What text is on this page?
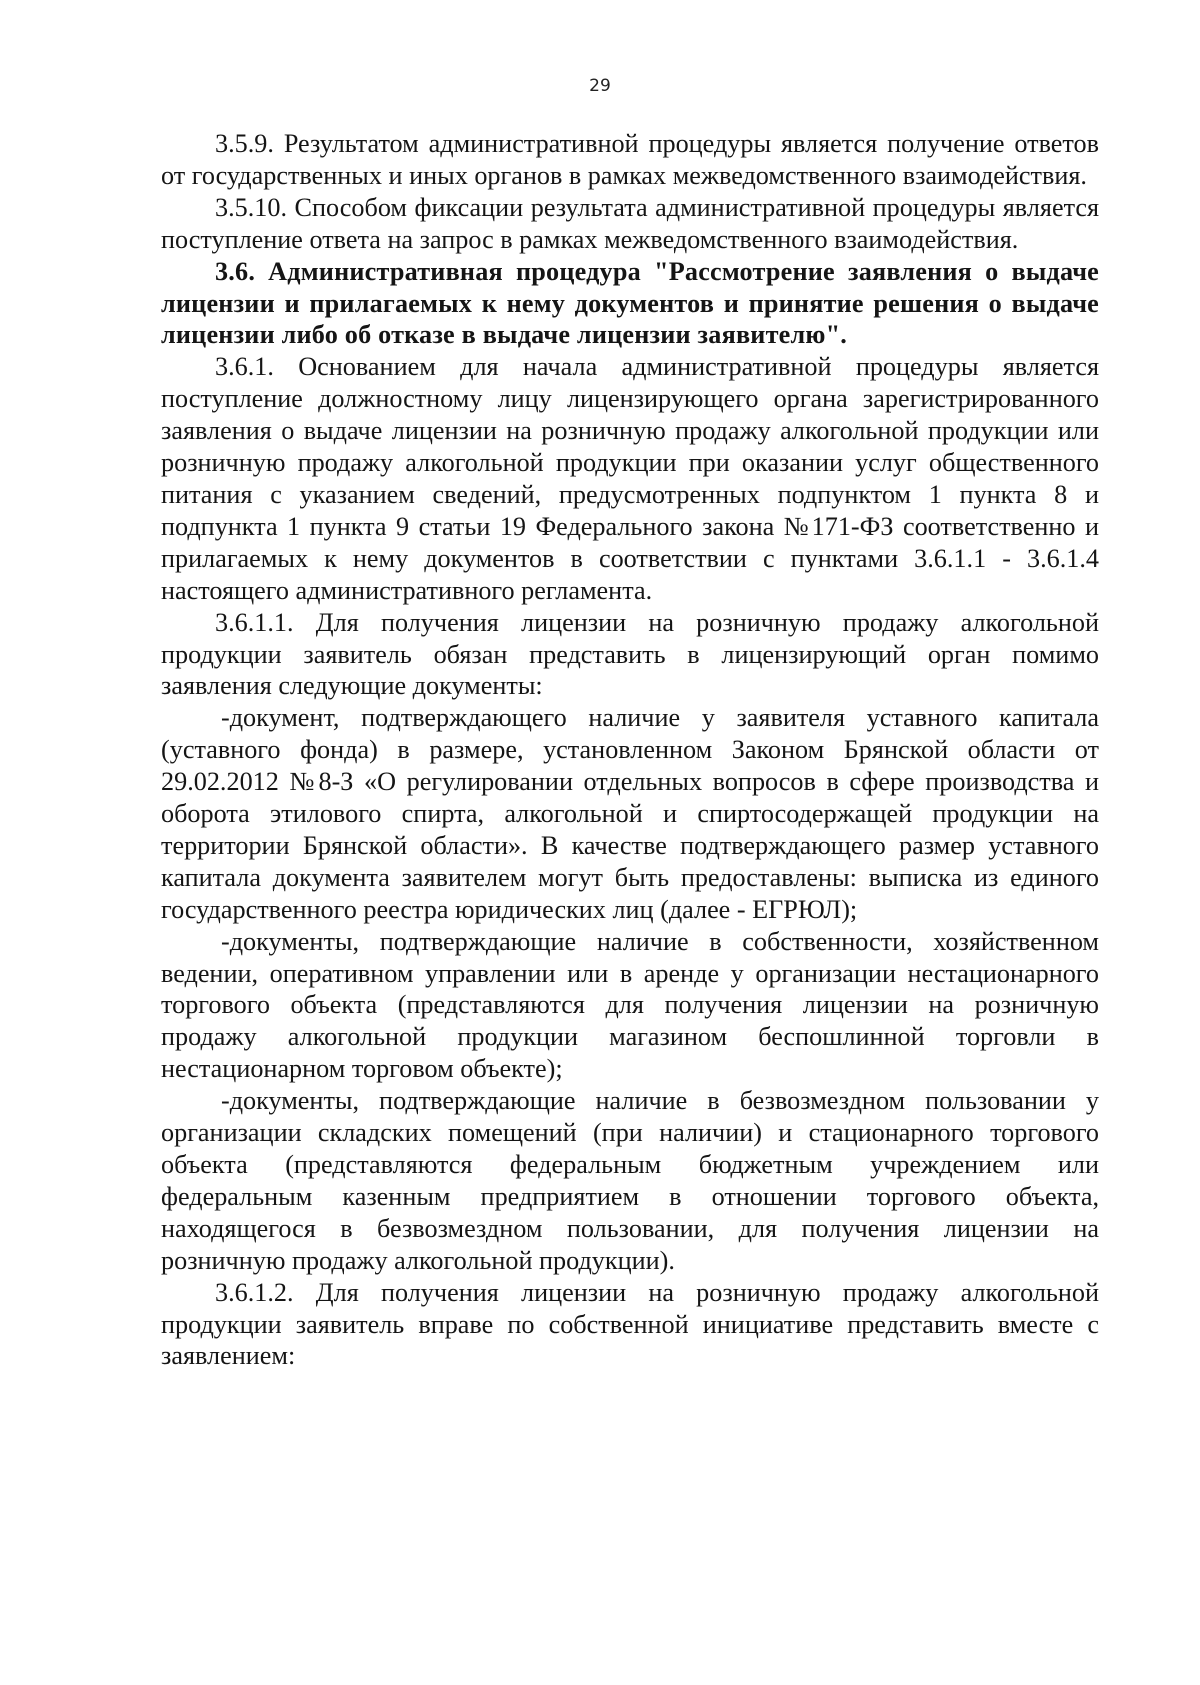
29

3.5.9. Результатом административной процедуры является получение ответов от государственных и иных органов в рамках межведомственного взаимодействия.

3.5.10. Способом фиксации результата административной процедуры является поступление ответа на запрос в рамках межведомственного взаимодействия.

3.6. Административная процедура "Рассмотрение заявления о выдаче лицензии и прилагаемых к нему документов и принятие решения о выдаче лицензии либо об отказе в выдаче лицензии заявителю".

3.6.1. Основанием для начала административной процедуры является поступление должностному лицу лицензирующего органа зарегистрированного заявления о выдаче лицензии на розничную продажу алкогольной продукции или розничную продажу алкогольной продукции при оказании услуг общественного питания с указанием сведений, предусмотренных подпунктом 1 пункта 8 и подпункта 1 пункта 9 статьи 19 Федерального закона №171-ФЗ соответственно и прилагаемых к нему документов в соответствии с пунктами 3.6.1.1 - 3.6.1.4 настоящего административного регламента.

3.6.1.1. Для получения лицензии на розничную продажу алкогольной продукции заявитель обязан представить в лицензирующий орган помимо заявления следующие документы:

-документ, подтверждающего наличие у заявителя уставного капитала (уставного фонда) в размере, установленном Законом Брянской области от 29.02.2012 №8-З «О регулировании отдельных вопросов в сфере производства и оборота этилового спирта, алкогольной и спиртосодержащей продукции на территории Брянской области». В качестве подтверждающего размер уставного капитала документа заявителем могут быть предоставлены: выписка из единого государственного реестра юридических лиц (далее - ЕГРЮЛ);

-документы, подтверждающие наличие в собственности, хозяйственном ведении, оперативном управлении или в аренде у организации нестационарного торгового объекта (представляются для получения лицензии на розничную продажу алкогольной продукции магазином беспошлинной торговли в нестационарном торговом объекте);

-документы, подтверждающие наличие в безвозмездном пользовании у организации складских помещений (при наличии) и стационарного торгового объекта (представляются федеральным бюджетным учреждением или федеральным казенным предприятием в отношении торгового объекта, находящегося в безвозмездном пользовании, для получения лицензии на розничную продажу алкогольной продукции).

3.6.1.2. Для получения лицензии на розничную продажу алкогольной продукции заявитель вправе по собственной инициативе представить вместе с заявлением:
